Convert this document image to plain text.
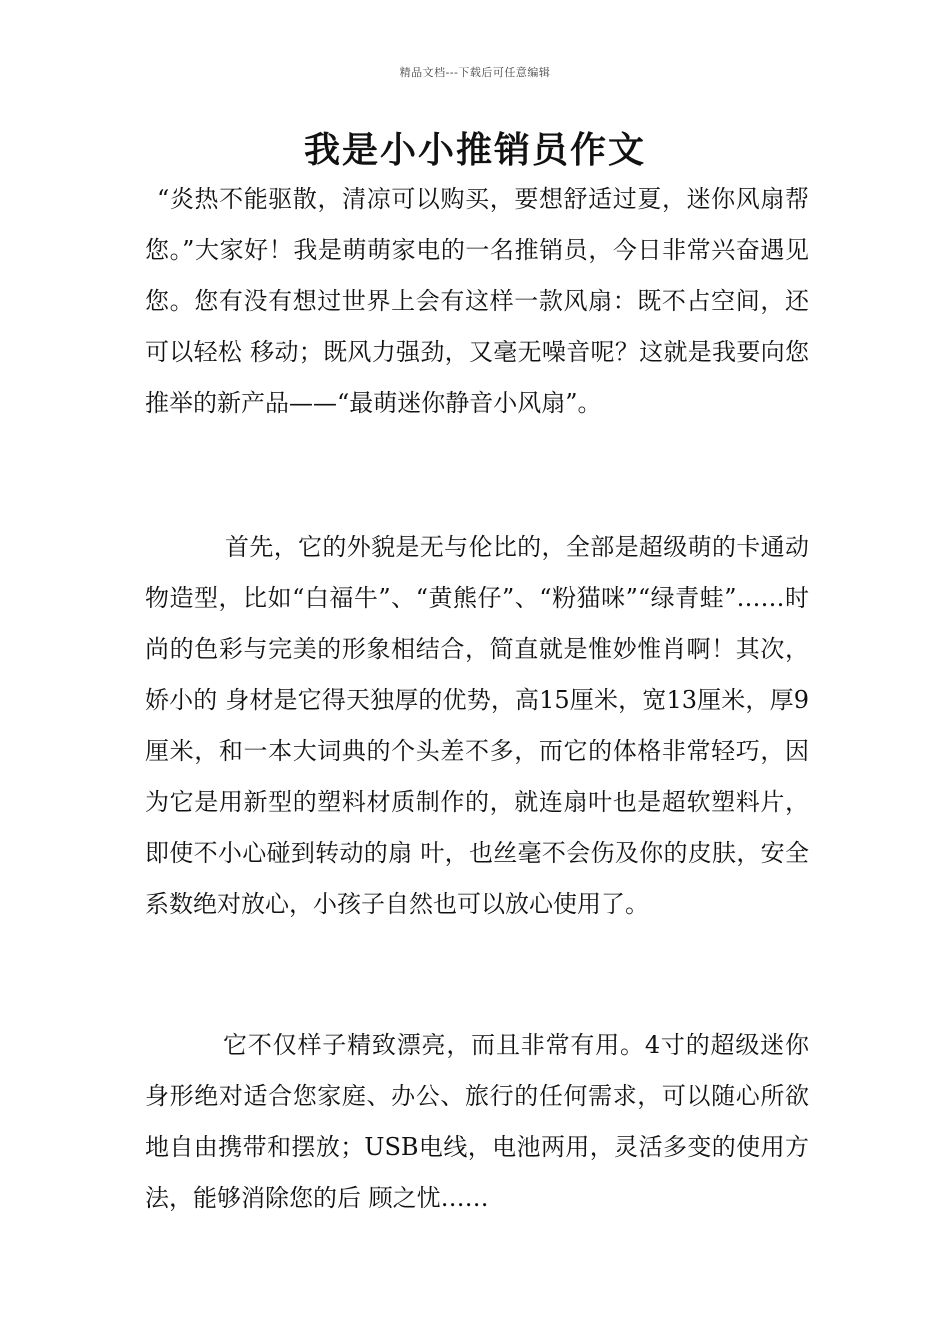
精品文档---下载后可任意编辑
我是小小推销员作文

“炎热不能驱散，清凉可以购买，要想舒适过夏，迷你风扇帮您。”大家好！我是萌萌家电的一名推销员，今日非常兴奋遇见您。您有没有想过世界上会有这样一款风扇：既不占空间，还可以轻松 移动；既风力强劲，又毫无噪音呢？这就是我要向您推举的新产品——“最萌迷你静音小风扇”。

首先，它的外貌是无与伦比的，全部是超级萌的卡通动物造型，比如“白福牛”、“黄熊仔”、“粉猫咪”“绿青蛙”……时尚的色彩与完美的形象相结合，简直就是惟妙惟肖啊！其次，娇小的 身材是它得天独厚的优势，高15厘米，宽13厘米，厚9厘米，和一本大词典的个头差不多，而它的体格非常轻巧，因为它是用新型的塑料材质制作的，就连扇叶也是超软塑料片，即使不小心碰到转动的扇 叶，也丝毫不会伤及你的皮肤，安全系数绝对放心，小孩子自然也可以放心使用了。

它不仅样子精致漂亮，而且非常有用。4寸的超级迷你身形绝对适合您家庭、办公、旅行的任何需求，可以随心所欲地自由携带和摆放；USB电线，电池两用，灵活多变的使用方法，能够消除您的后 顾之忧……
